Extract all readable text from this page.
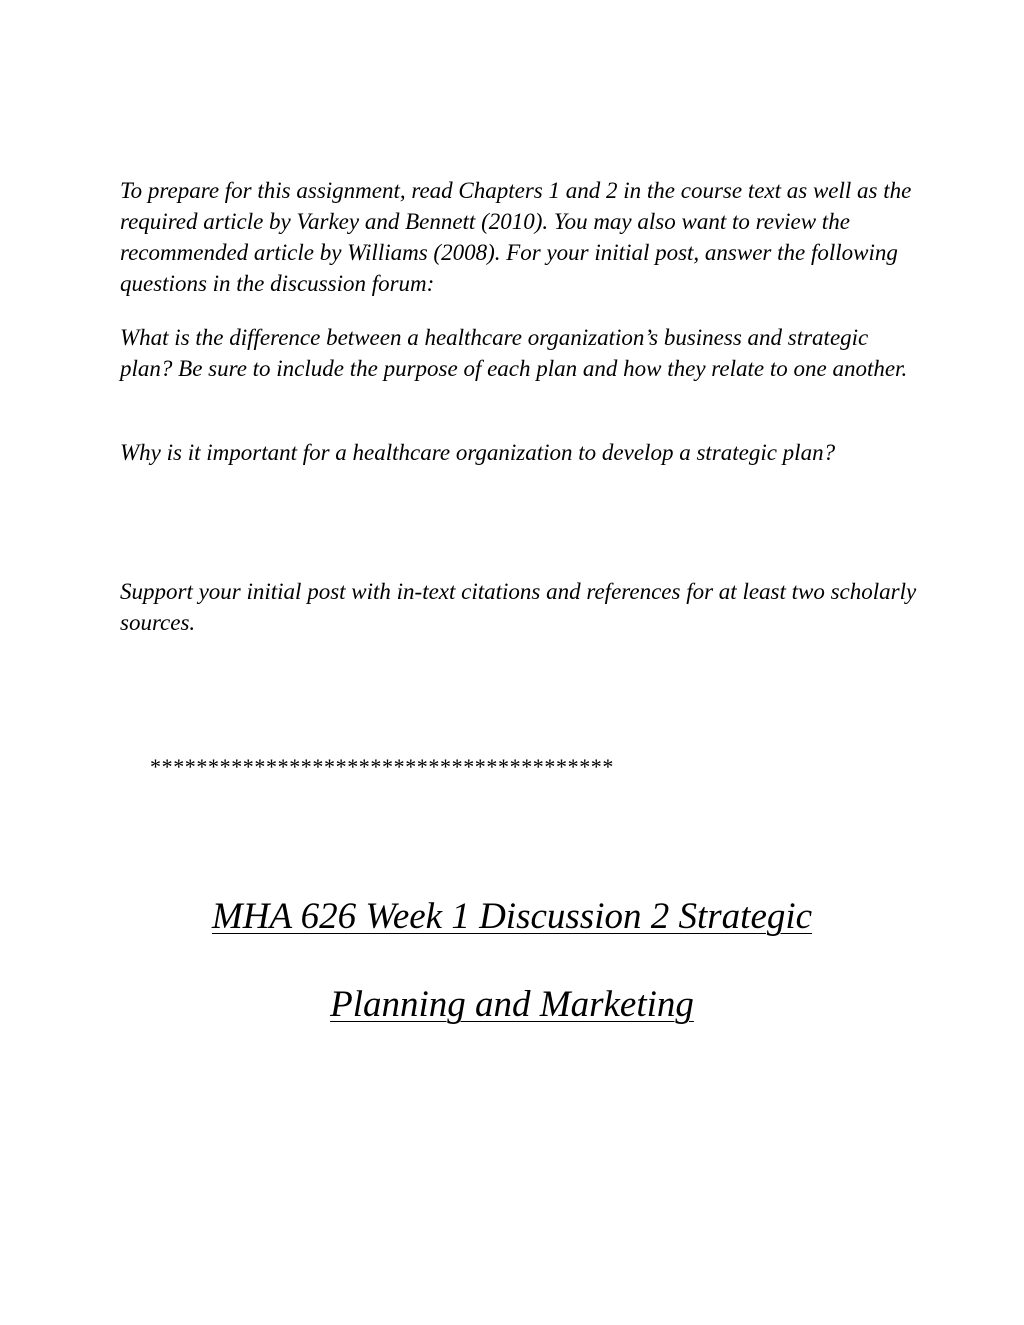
To prepare for this assignment, read Chapters 1 and 2 in the course text as well as the required article by Varkey and Bennett (2010). You may also want to review the recommended article by Williams (2008). For your initial post, answer the following questions in the discussion forum:

What is the difference between a healthcare organization’s business and strategic plan? Be sure to include the purpose of each plan and how they relate to one another.

Why is it important for a healthcare organization to develop a strategic plan?

Support your initial post with in-text citations and references for at least two scholarly sources.

****************************************

MHA 626 Week 1 Discussion 2 Strategic
Planning and Marketing
